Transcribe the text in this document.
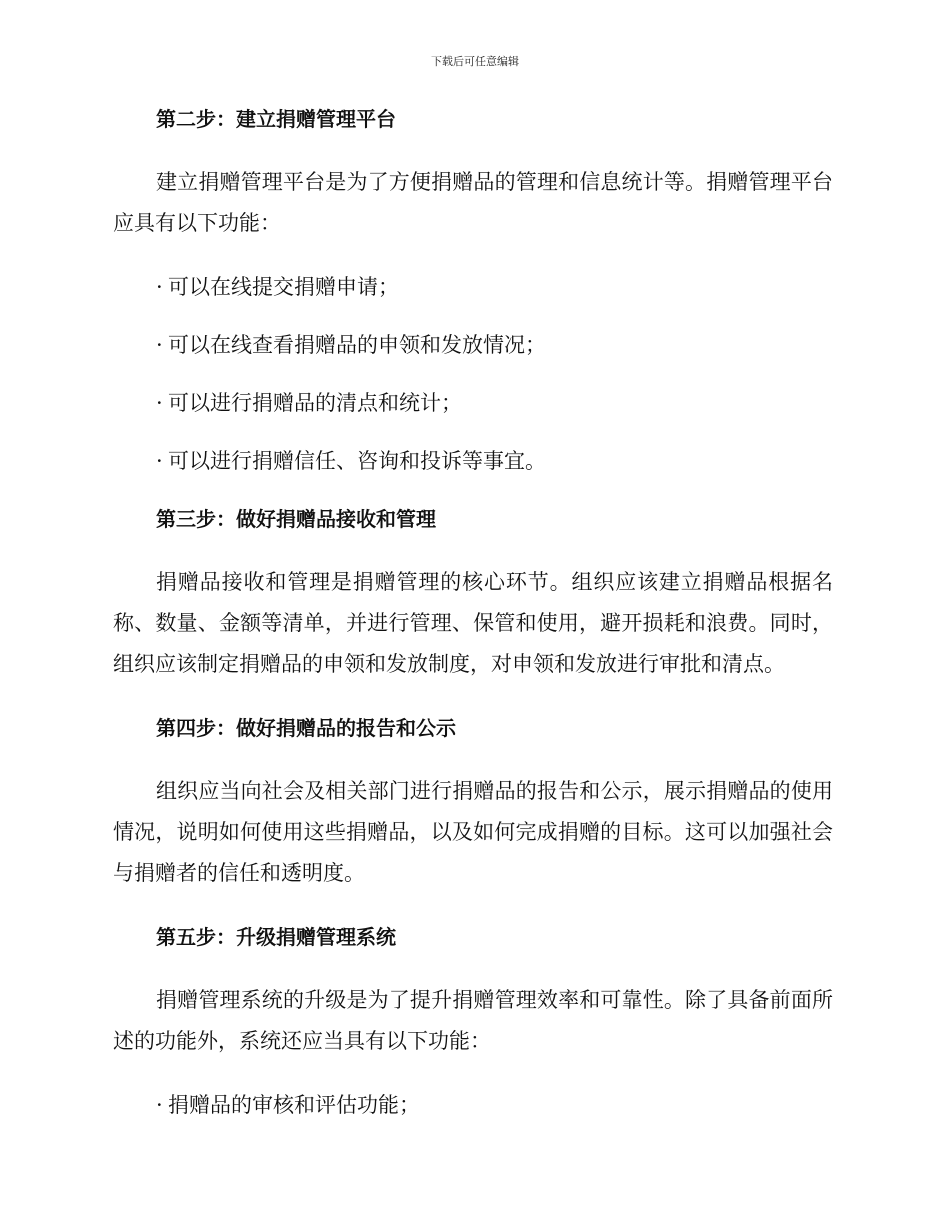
下载后可任意编辑
第二步：建立捐赠管理平台

建立捐赠管理平台是为了方便捐赠品的管理和信息统计等。捐赠管理平台应具有以下功能：

· 可以在线提交捐赠申请；
· 可以在线查看捐赠品的申领和发放情况；
· 可以进行捐赠品的清点和统计；
· 可以进行捐赠信任、咨询和投诉等事宜。
第三步：做好捐赠品接收和管理

捐赠品接收和管理是捐赠管理的核心环节。组织应该建立捐赠品根据名称、数量、金额等清单，并进行管理、保管和使用，避开损耗和浪费。同时，组织应该制定捐赠品的申领和发放制度，对申领和发放进行审批和清点。

第四步：做好捐赠品的报告和公示

组织应当向社会及相关部门进行捐赠品的报告和公示，展示捐赠品的使用情况，说明如何使用这些捐赠品，以及如何完成捐赠的目标。这可以加强社会与捐赠者的信任和透明度。

第五步：升级捐赠管理系统

捐赠管理系统的升级是为了提升捐赠管理效率和可靠性。除了具备前面所述的功能外，系统还应当具有以下功能：

· 捐赠品的审核和评估功能；
